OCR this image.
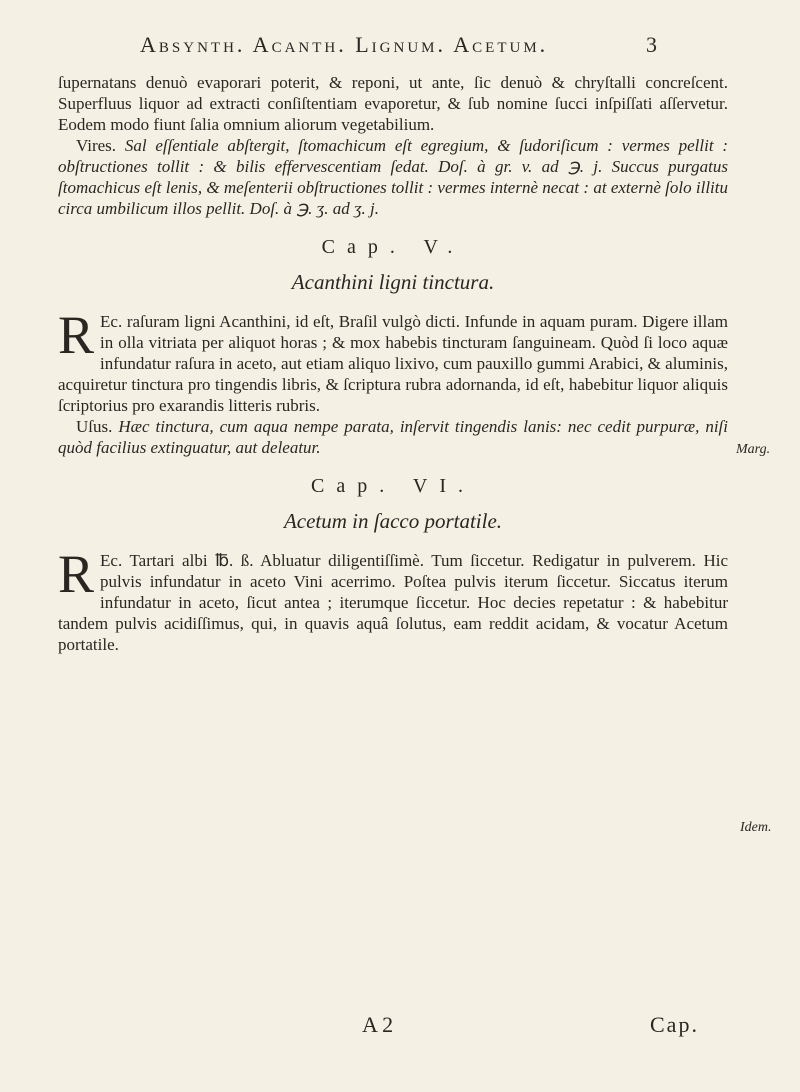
Absynth. Acanth. Lignum. Acetum.	3

ſupernatans denuò evaporari poterit, & reponi, ut ante, ſic denuò & chryſtalli concreſcent. Superfluus liquor ad extracti conſiſtentiam evaporetur, & ſub nomine ſucci inſpiſſati aſſervetur. Eodem modo fiunt ſalia omnium aliorum vegetabilium.

Vires. Sal eſſentiale abſtergit, ſtomachicum eſt egregium, & ſudoriſicum : vermes pellit : obſtructiones tollit : & bilis effervescentiam ſedat. Doſ. à gr. v. ad ℈. j. Succus purgatus ſtomachicus eſt lenis, & meſenterii obſtructiones tollit : vermes internè necat : at externè ſolo illitu circa umbilicum illos pellit. Doſ. à ℈. ʒ. ad ʒ. j.

Cap. V.
Acanthini ligni tinctura.

R Ec. raſuram ligni Acanthini, id eſt, Braſil vulgò dicti. Infunde in aquam puram. Digere illam in olla vitriata per aliquot horas ; & mox habebis tincturam ſanguineam. Quòd ſi loco aquæ infundatur raſura in aceto, aut etiam aliquo lixivo, cum pauxillo gummi Arabici, & aluminis, acquiretur tinctura pro tingendis libris, & ſcriptura rubra adornanda, id eſt, habebitur liquor aliquis ſcriptorius pro exarandis litteris rubris.

Uſus. Hæc tinctura, cum aqua nempe parata, inſervit tingendis lanis: nec cedit purpuræ, niſi quòd facilius extinguatur, aut deleatur.

Cap. VI.
Acetum in ſacco portatile.

R Ec. Tartari albi ℔. ß. Abluatur diligentiſſimè. Tum ſiccetur. Redigatur in pulverem. Hic pulvis infundatur in aceto Vini acerrimo. Poſtea pulvis iterum ſiccetur. Siccatus iterum infundatur in aceto, ſicut antea ; iterumque ſiccetur. Hoc decies repetatur : & habebitur tandem pulvis acidiſſimus, qui, in quavis aquâ ſolutus, eam reddit acidam, & vocatur Acetum portatile.

Marg.
Idem.
A 2	Cap.
